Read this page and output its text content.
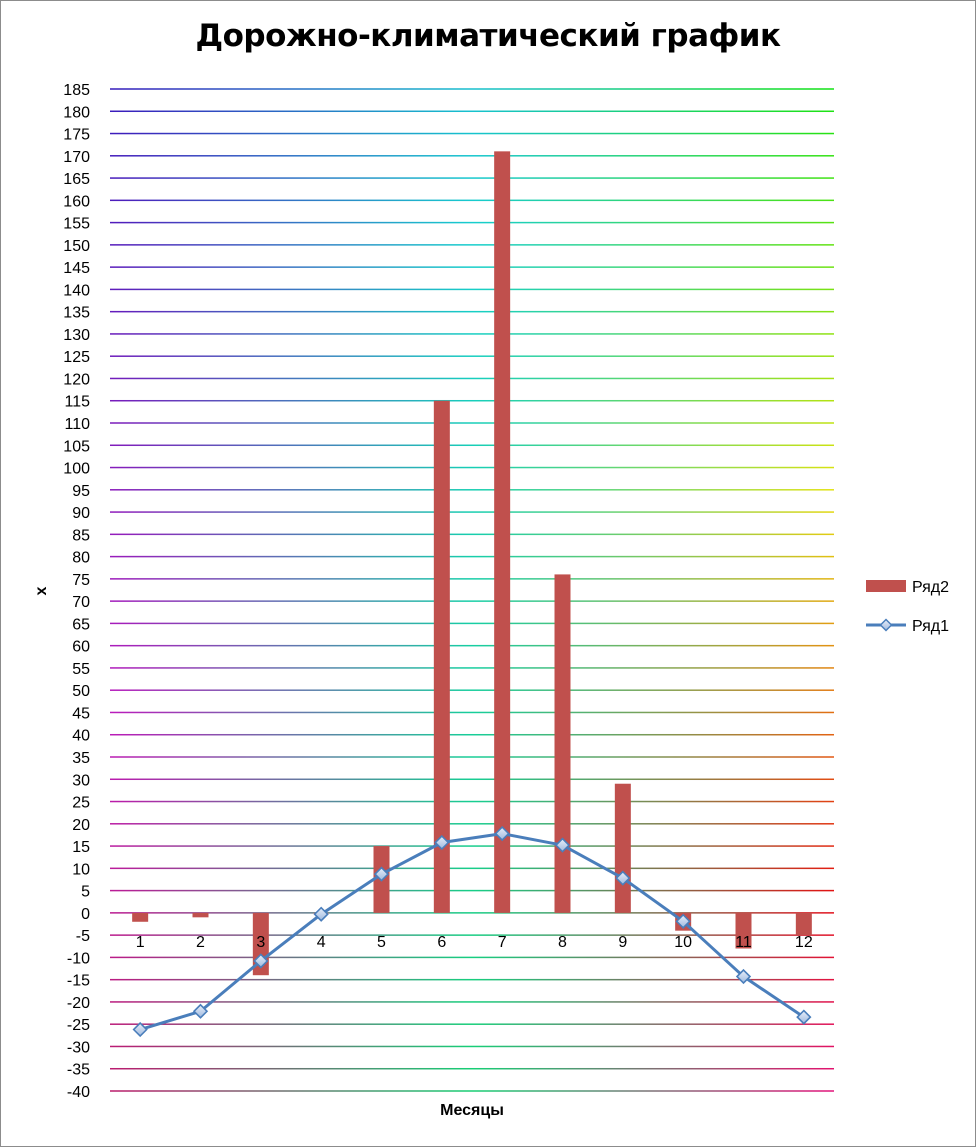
Дорожно-климатический график
-40
-35
-30
-25
-20
-15
-10
-5
0
5
10
15
20
25
30
35
40
45
50
55
60
65
70
75
80
85
90
95
100
105
110
115
120
125
130
135
140
145
150
155
160
165
170
175
180
185
1	2	3	4	5	6	7	8	9	10	11	12
x
Месяцы
Ряд2
Ряд1
